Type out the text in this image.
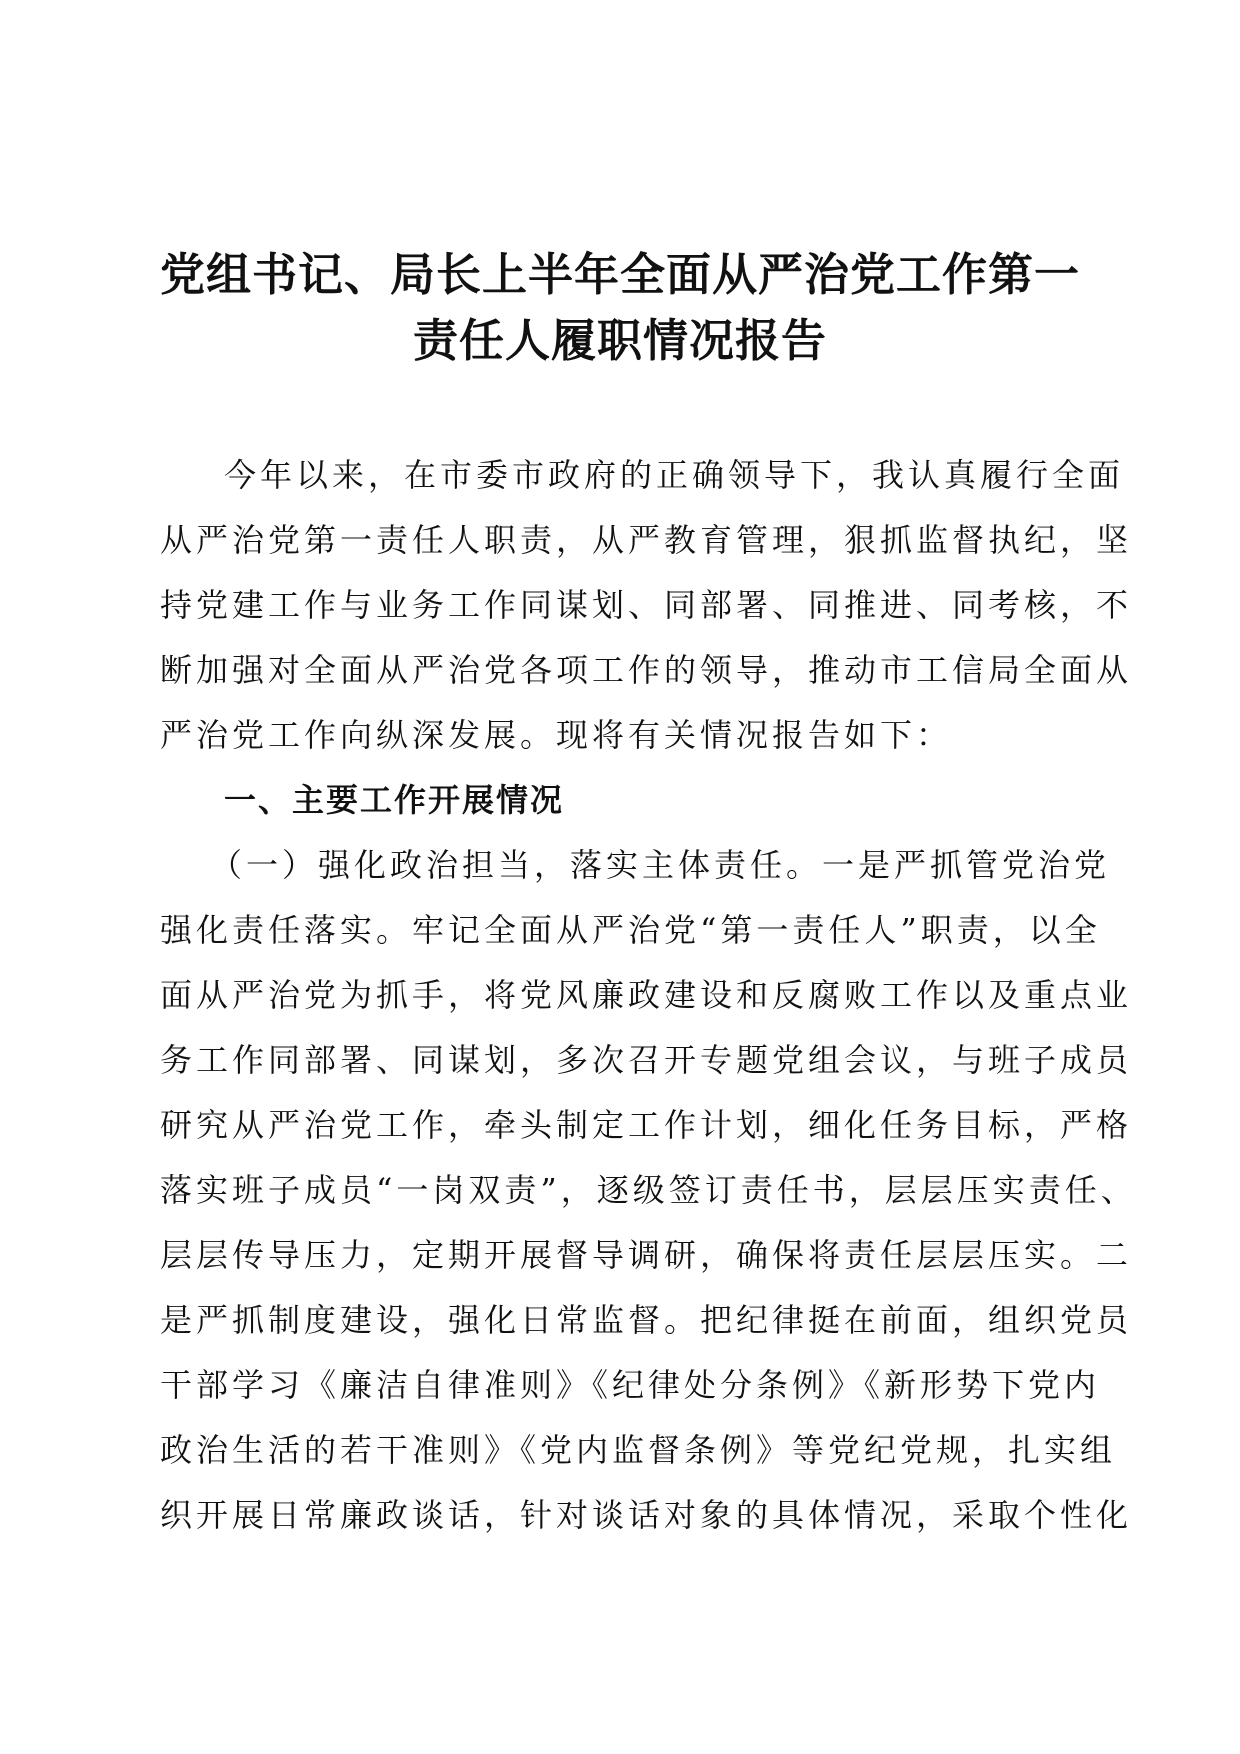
党组书记、局长上半年全面从严治党工作第一
责任人履职情况报告
今年以来，在市委市政府的正确领导下，我认真履行全面
从严治党第一责任人职责，从严教育管理，狠抓监督执纪，坚
持党建工作与业务工作同谋划、同部署、同推进、同考核，不
断加强对全面从严治党各项工作的领导，推动市工信局全面从
严治党工作向纵深发展。现将有关情况报告如下：
一、主要工作开展情况
（一）强化政治担当，落实主体责任。一是严抓管党治党
强化责任落实。牢记全面从严治党“第一责任人”职责，以全
面从严治党为抓手，将党风廉政建设和反腐败工作以及重点业
务工作同部署、同谋划，多次召开专题党组会议，与班子成员
研究从严治党工作，牵头制定工作计划，细化任务目标，严格
落实班子成员“一岗双责”，逐级签订责任书，层层压实责任、
层层传导压力，定期开展督导调研，确保将责任层层压实。二
是严抓制度建设，强化日常监督。把纪律挺在前面，组织党员
干部学习《廉洁自律准则》《纪律处分条例》《新形势下党内
政治生活的若干准则》《党内监督条例》等党纪党规，扎实组
织开展日常廉政谈话，针对谈话对象的具体情况，采取个性化
